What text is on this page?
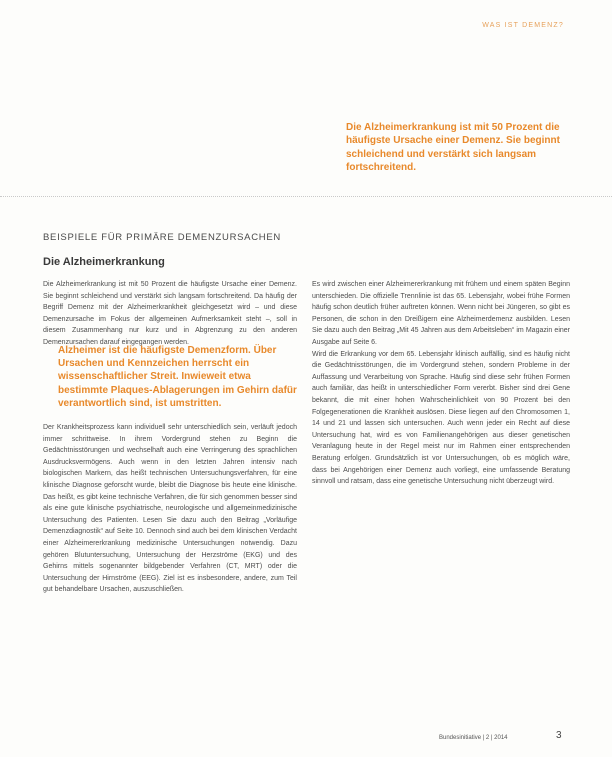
WAS IST DEMENZ?
Die Alzheimerkrankung ist mit 50 Prozent die häufigste Ursache einer Demenz. Sie beginnt schleichend und verstärkt sich langsam fortschreitend.
BEISPIELE FÜR PRIMÄRE DEMENZURSACHEN
Die Alzheimerkrankung

Die Alzheimerkrankung ist mit 50 Prozent die häufigste Ursache einer Demenz. Sie beginnt schleichend und verstärkt sich langsam fortschreitend. Da häufig der Begriff Demenz mit der Alzheimerkrankheit gleichgesetzt wird – und diese Demenzursache im Fokus der allgemeinen Aufmerksamkeit steht –, soll in diesem Zusammenhang nur kurz und in Abgrenzung zu den anderen Demenzursachen darauf eingegangen werden.

Alzheimer ist die häufigste Demenzform. Über Ursachen und Kennzeichen herrscht ein wissenschaftlicher Streit. Inwieweit etwa bestimmte Plaques-Ablagerungen im Gehirn dafür verantwortlich sind, ist umstritten.

Der Krankheitsprozess kann individuell sehr unterschiedlich sein, verläuft jedoch immer schrittweise. In ihrem Vordergrund stehen zu Beginn die Gedächtnisstörungen und wechselhaft auch eine Verringerung des sprachlichen Ausdrucksvermögens. Auch wenn in den letzten Jahren intensiv nach biologischen Markern, das heißt technischen Untersuchungsverfahren, für eine klinische Diagnose geforscht wurde, bleibt die Diagnose bis heute eine klinische. Das heißt, es gibt keine technische Verfahren, die für sich genommen besser sind als eine gute klinische psychiatrische, neurologische und allgemeinmedizinische Untersuchung des Patienten. Lesen Sie dazu auch den Beitrag „Vorläufige Demenzdiagnostik“ auf Seite 10. Dennoch sind auch bei dem klinischen Verdacht einer Alzheimererkrankung medizinische Untersuchungen notwendig. Dazu gehören Blutuntersuchung, Untersuchung der Herzströme (EKG) und des Gehirns mittels sogenannter bildgebender Verfahren (CT, MRT) oder die Untersuchung der Hirnströme (EEG). Ziel ist es insbesondere, andere, zum Teil gut behandelbare Ursachen, auszuschließen.

Es wird zwischen einer Alzheimererkrankung mit frühem und einem späten Beginn unterschieden. Die offizielle Trennlinie ist das 65. Lebensjahr, wobei frühe Formen häufig schon deutlich früher auftreten können. Wenn nicht bei Jüngeren, so gibt es Personen, die schon in den Dreißigern eine Alzheimerdemenz ausbilden. Lesen Sie dazu auch den Beitrag „Mit 45 Jahren aus dem Arbeitsleben“ im Magazin einer Ausgabe auf Seite 6.

Wird die Erkrankung vor dem 65. Lebensjahr klinisch auffällig, sind es häufig nicht die Gedächtnisstörungen, die im Vordergrund stehen, sondern Probleme in der Auffassung und Verarbeitung von Sprache. Häufig sind diese sehr frühen Formen auch familiär, das heißt in unterschiedlicher Form vererbt. Bisher sind drei Gene bekannt, die mit einer hohen Wahrscheinlichkeit von 90 Prozent bei den Folgegenerationen die Krankheit auslösen. Diese liegen auf den Chromosomen 1, 14 und 21 und lassen sich untersuchen. Auch wenn jeder ein Recht auf diese Untersuchung hat, wird es von Familienangehörigen aus dieser genetischen Veranlagung heute in der Regel meist nur im Rahmen einer entsprechenden Beratung erfolgen. Grundsätzlich ist vor Untersuchungen, ob es möglich wäre, dass bei Angehörigen einer Demenz auch vorliegt, eine umfassende Beratung sinnvoll und ratsam, dass eine genetische Untersuchung nicht überzeugt wird.

Bundesinitiative | 2 | 2014	3
